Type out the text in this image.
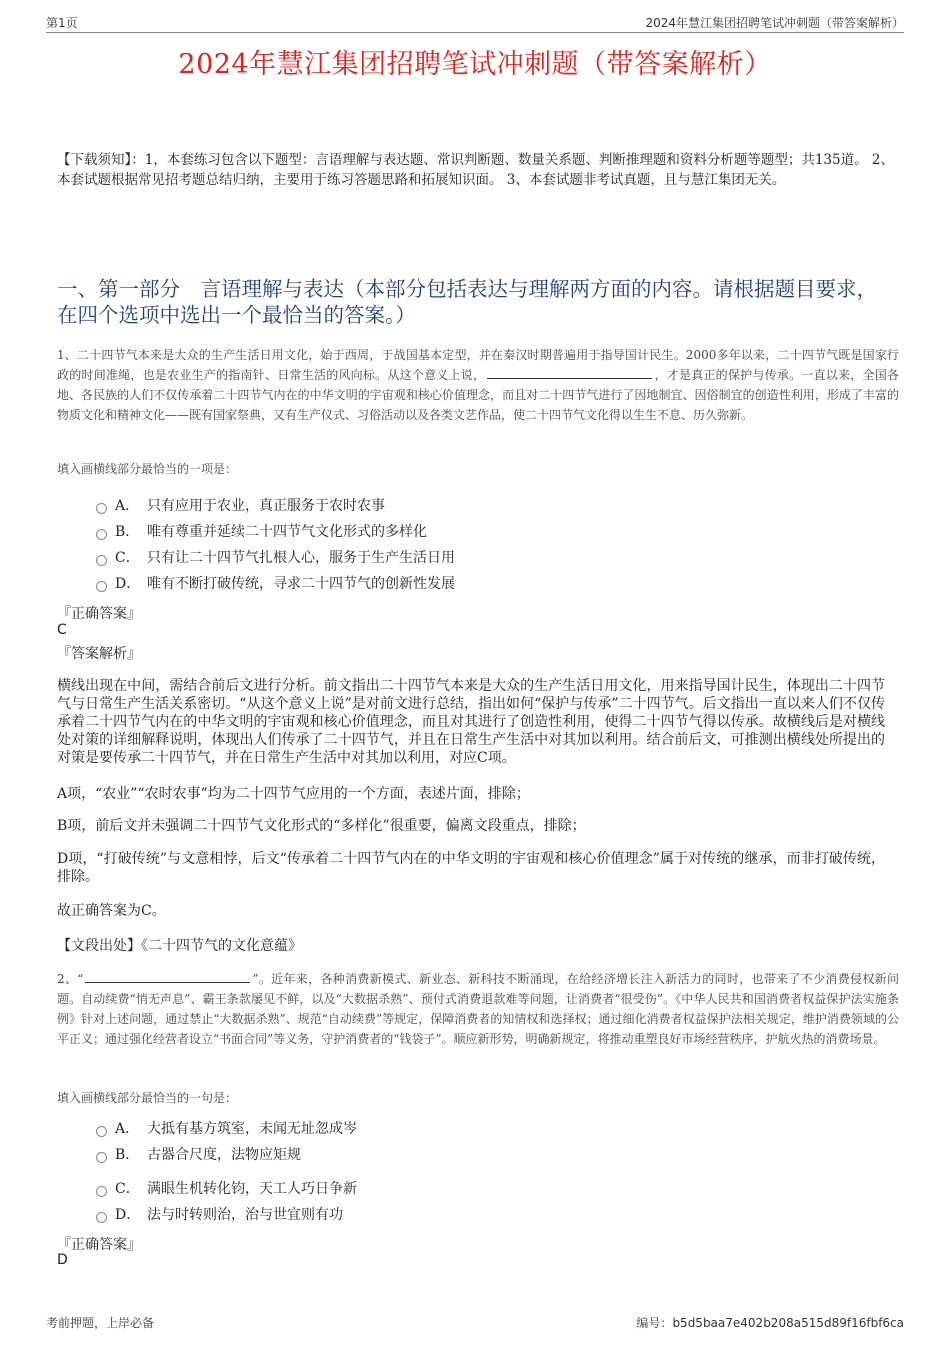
第1页	2024年慧江集团招聘笔试冲刺题（带答案解析）
2024年慧江集团招聘笔试冲刺题（带答案解析）
【下载须知】：1，本套练习包含以下题型：言语理解与表达题、常识判断题、数量关系题、判断推理题和资料分析题等题型；共135道。 2、本套试题根据常见招考题总结归纳，主要用于练习答题思路和拓展知识面。 3、本套试题非考试真题，且与慧江集团无关。
一、第一部分　言语理解与表达（本部分包括表达与理解两方面的内容。请根据题目要求，在四个选项中选出一个最恰当的答案。）
1、二十四节气本来是大众的生产生活日用文化，始于西周，于战国基本定型，并在秦汉时期普遍用于指导国计民生。2000多年以来，二十四节气既是国家行政的时间准绳，也是农业生产的指南针、日常生活的风向标。从这个意义上说，	，才是真正的保护与传承。一直以来，全国各地、各民族的人们不仅传承着二十四节气内在的中华文明的宇宙观和核心价值理念，而且对二十四节气进行了因地制宜、因俗制宜的创造性利用，形成了丰富的物质文化和精神文化——既有国家祭典，又有生产仪式、习俗活动以及各类文艺作品，使二十四节气文化得以生生不息、历久弥新。
填入画横线部分最恰当的一项是：
A． 只有应用于农业，真正服务于农时农事
B． 唯有尊重并延续二十四节气文化形式的多样化
C． 只有让二十四节气扎根人心，服务于生产生活日用
D． 唯有不断打破传统，寻求二十四节气的创新性发展
『正确答案』
C
『答案解析』
横线出现在中间，需结合前后文进行分析。前文指出二十四节气本来是大众的生产生活日用文化，用来指导国计民生，体现出二十四节气与日常生产生活关系密切。“从这个意义上说”是对前文进行总结，指出如何“保护与传承”二十四节气。后文指出一直以来人们不仅传承着二十四节气内在的中华文明的宇宙观和核心价值理念，而且对其进行了创造性利用，使得二十四节气得以传承。故横线后是对横线处对策的详细解释说明，体现出人们传承了二十四节气，并且在日常生产生活中对其加以利用。结合前后文，可推测出横线处所提出的对策是要传承二十四节气，并在日常生产生活中对其加以利用，对应C项。
A项，“农业”“农时农事”均为二十四节气应用的一个方面，表述片面，排除；
B项，前后文并未强调二十四节气文化形式的“多样化”很重要，偏离文段重点，排除；
D项，“打破传统”与文意相悖，后文“传承着二十四节气内在的中华文明的宇宙观和核心价值理念”属于对传统的继承，而非打破传统，排除。
故正确答案为C。
【文段出处】《二十四节气的文化意蕴》
2、“	”。近年来，各种消费新模式、新业态、新科技不断涌现，在给经济增长注入新活力的同时，也带来了不少消费侵权新问题。自动续费“悄无声息”、霸王条款屡见不鲜，以及“大数据杀熟”、预付式消费退款难等问题，让消费者“很受伤”。《中华人民共和国消费者权益保护法实施条例》针对上述问题，通过禁止“大数据杀熟”、规范“自动续费”等规定，保障消费者的知情权和选择权；通过细化消费者权益保护法相关规定，维护消费领域的公平正义；通过强化经营者设立“书面合同”等义务，守护消费者的“钱袋子”。顺应新形势，明确新规定，将推动重塑良好市场经营秩序，护航火热的消费场景。
填入画横线部分最恰当的一句是：
A． 大抵有基方筑室，未闻无址忽成岑
B． 古器合尺度，法物应矩规
C． 满眼生机转化钧，天工人巧日争新
D． 法与时转则治，治与世宜则有功
『正确答案』
D
考前押题，上岸必备	编号：b5d5baa7e402b208a515d89f16fbf6ca
